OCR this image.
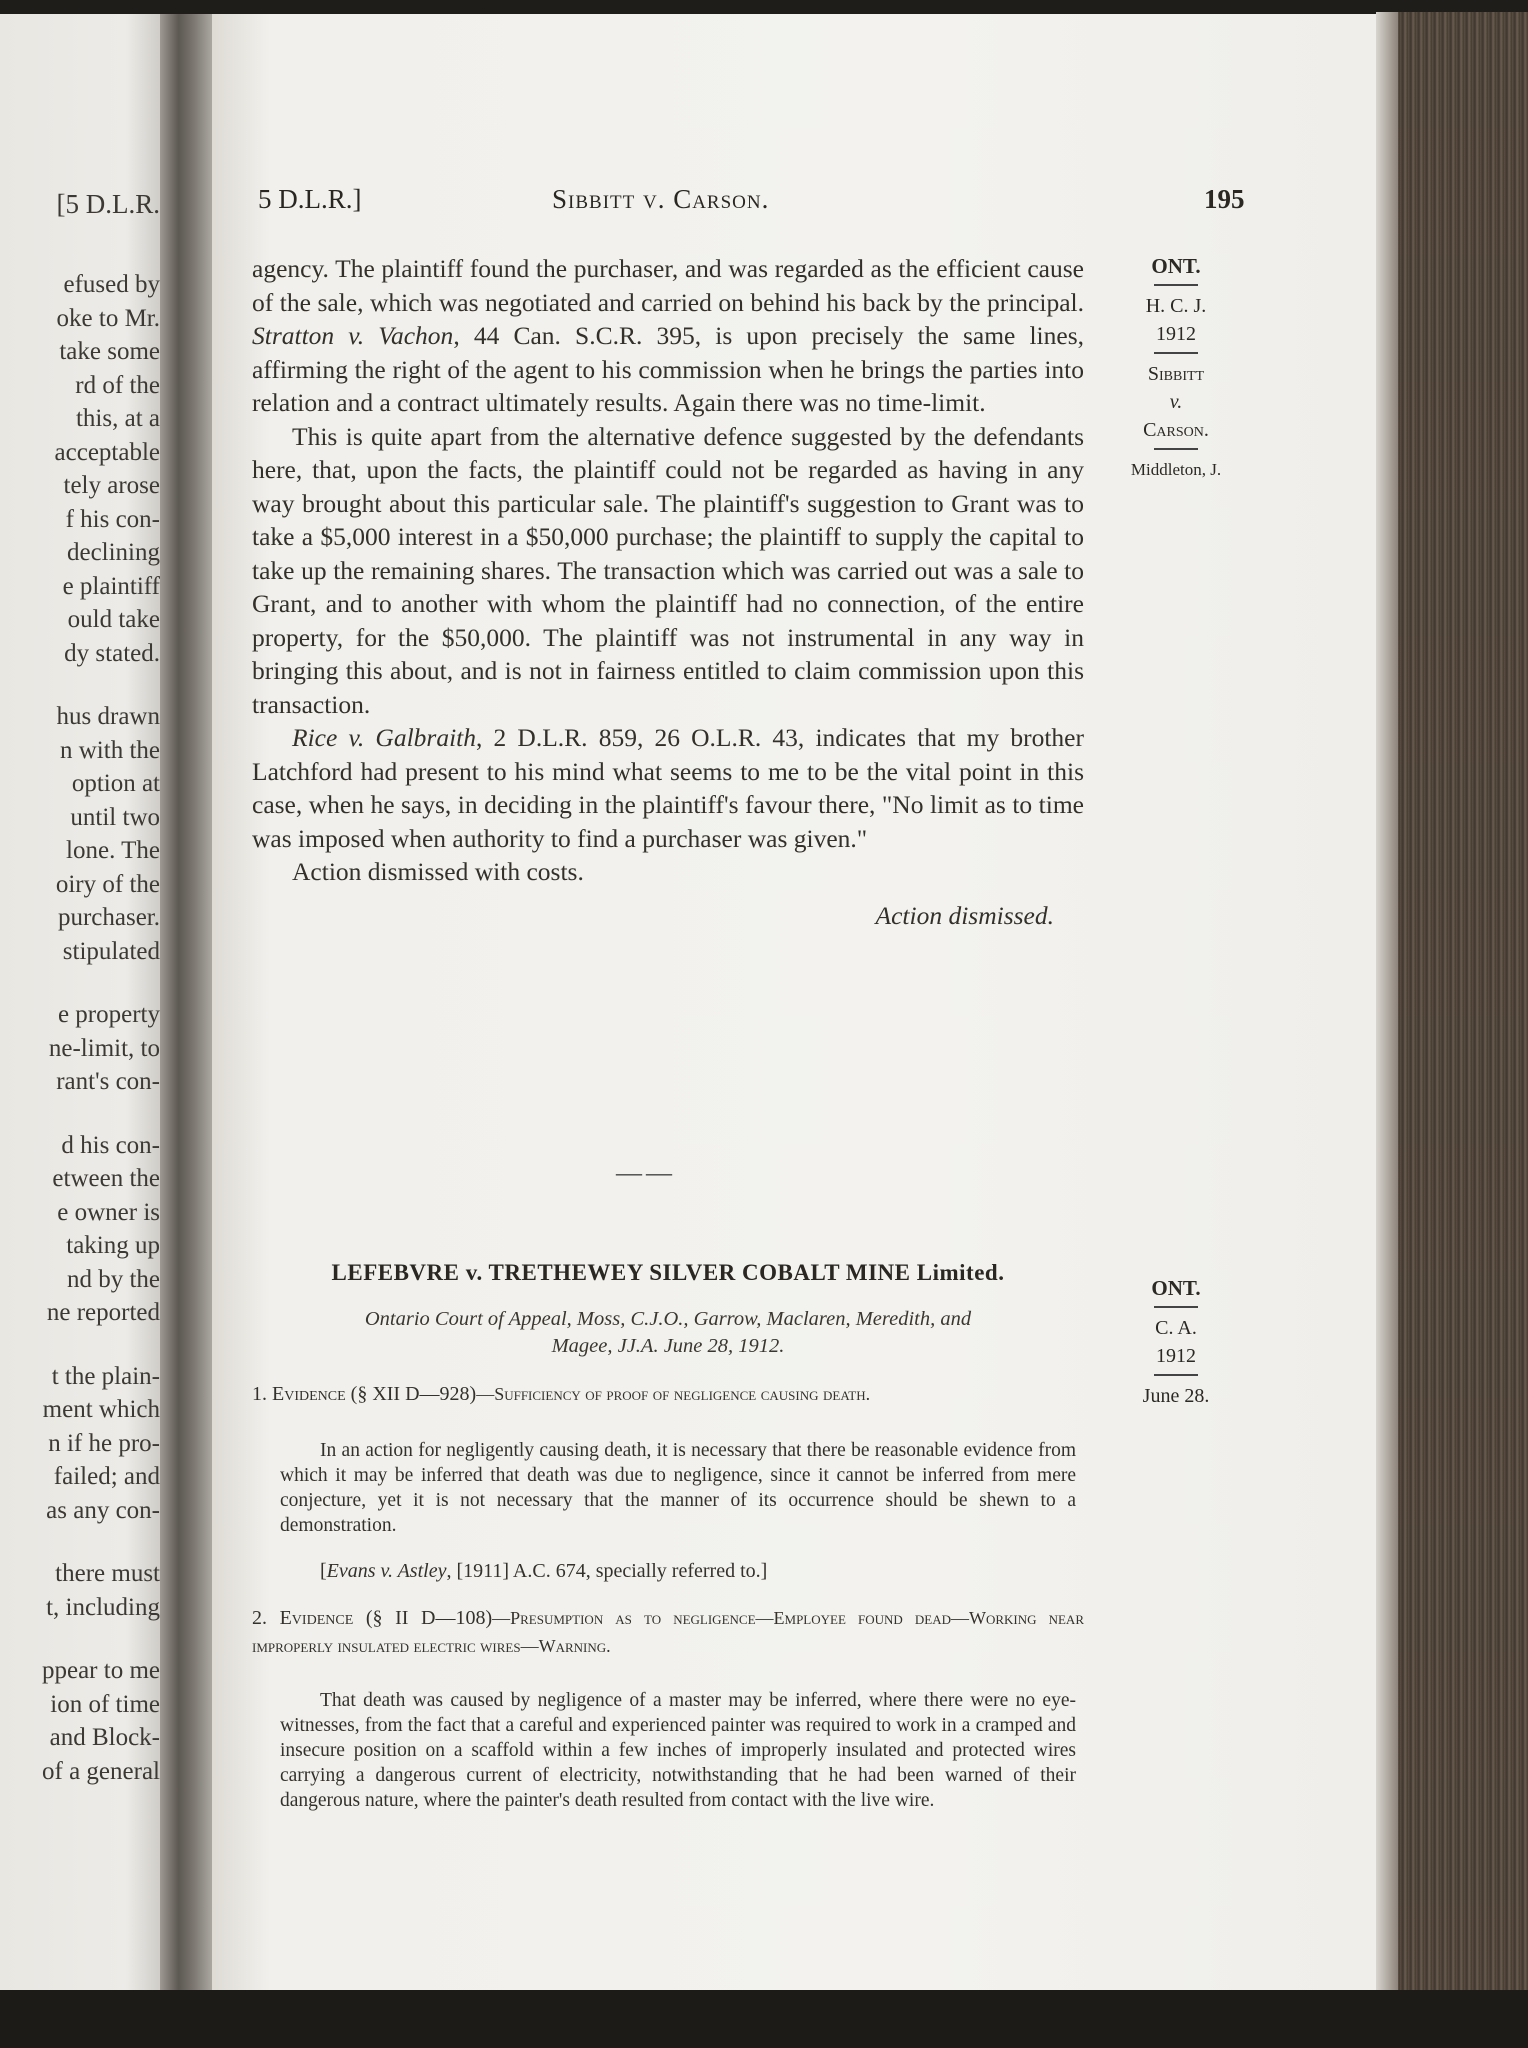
[5 D.L.R.
efused by
oke to Mr.
take some
rd of the
this, at a
acceptable
tely arose
f his con-
declining
e plaintiff
ould take
dy stated.
hus drawn
n with the
option at
until two
lone. The
oiry of the
purchaser.
stipulated
e property
ne-limit, to
rant's con-
d his con-
etween the
e owner is
taking up
nd by the
ne reported
t the plain-
ment which
n if he pro-
failed; and
as any con-
there must
t, including
ppear to me
ion of time
and Block-
of a general
5 D.L.R.]	Sibbitt v. Carson.	195
ONT.
H. C. J.
1912
Sibbitt
v.
Carson.
Middleton, J.

agency. The plaintiff found the purchaser, and was regarded as the efficient cause of the sale, which was negotiated and carried on behind his back by the principal. Stratton v. Vachon, 44 Can. S.C.R. 395, is upon precisely the same lines, affirming the right of the agent to his commission when he brings the parties into relation and a contract ultimately results. Again there was no time-limit.

This is quite apart from the alternative defence suggested by the defendants here, that, upon the facts, the plaintiff could not be regarded as having in any way brought about this particular sale. The plaintiff's suggestion to Grant was to take a $5,000 interest in a $50,000 purchase; the plaintiff to supply the capital to take up the remaining shares. The transaction which was carried out was a sale to Grant, and to another with whom the plaintiff had no connection, of the entire property, for the $50,000. The plaintiff was not instrumental in any way in bringing this about, and is not in fairness entitled to claim commission upon this transaction.

Rice v. Galbraith, 2 D.L.R. 859, 26 O.L.R. 43, indicates that my brother Latchford had present to his mind what seems to me to be the vital point in this case, when he says, in deciding in the plaintiff's favour there, "No limit as to time was imposed when authority to find a purchaser was given."

Action dismissed with costs.

Action dismissed.

——
LEFEBVRE v. TRETHEWEY SILVER COBALT MINE Limited.
Ontario Court of Appeal, Moss, C.J.O., Garrow, Maclaren, Meredith, and
Magee, JJ.A. June 28, 1912.
ONT.
C. A.
1912
June 28.
1. Evidence (§ XII D—928)—Sufficiency of proof of negligence causing death.
In an action for negligently causing death, it is necessary that there be reasonable evidence from which it may be inferred that death was due to negligence, since it cannot be inferred from mere conjecture, yet it is not necessary that the manner of its occurrence should be shewn to a demonstration.
[Evans v. Astley, [1911] A.C. 674, specially referred to.]
2. Evidence (§ II D—108)—Presumption as to negligence—Employee found dead—Working near improperly insulated electric wires—Warning.
That death was caused by negligence of a master may be inferred, where there were no eye-witnesses, from the fact that a careful and experienced painter was required to work in a cramped and insecure position on a scaffold within a few inches of improperly insulated and protected wires carrying a dangerous current of electricity, notwithstanding that he had been warned of their dangerous nature, where the painter's death resulted from contact with the live wire.
